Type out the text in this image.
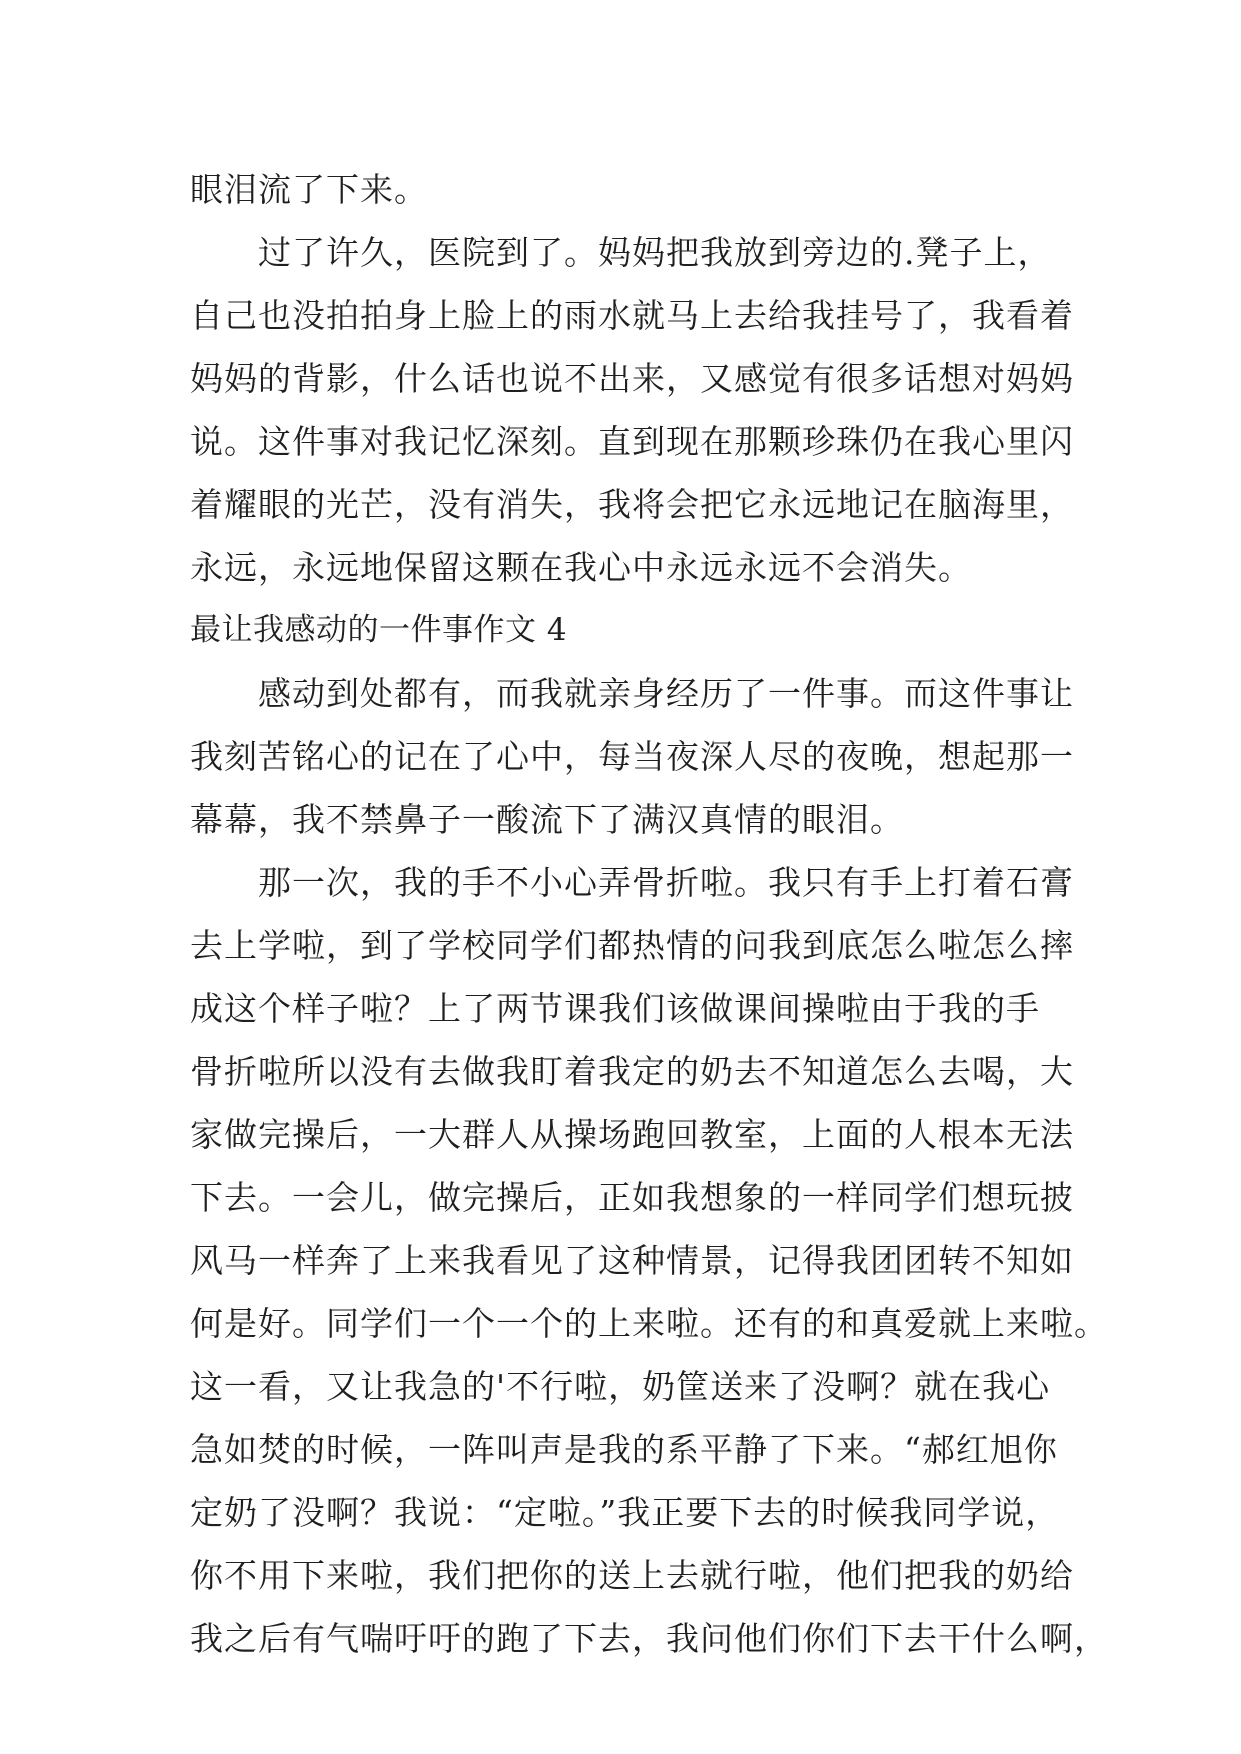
眼泪流了下来。
过了许久，医院到了。妈妈把我放到旁边的.凳子上，
自己也没拍拍身上脸上的雨水就马上去给我挂号了，我看着
妈妈的背影，什么话也说不出来，又感觉有很多话想对妈妈
说。这件事对我记忆深刻。直到现在那颗珍珠仍在我心里闪
着耀眼的光芒，没有消失，我将会把它永远地记在脑海里，
永远，永远地保留这颗在我心中永远永远不会消失。
最让我感动的一件事作文 4
感动到处都有，而我就亲身经历了一件事。而这件事让
我刻苦铭心的记在了心中，每当夜深人尽的夜晚，想起那一
幕幕，我不禁鼻子一酸流下了满汉真情的眼泪。
那一次，我的手不小心弄骨折啦。我只有手上打着石膏
去上学啦，到了学校同学们都热情的问我到底怎么啦怎么摔
成这个样子啦？上了两节课我们该做课间操啦由于我的手
骨折啦所以没有去做我盯着我定的奶去不知道怎么去喝，大
家做完操后，一大群人从操场跑回教室，上面的人根本无法
下去。一会儿，做完操后，正如我想象的一样同学们想玩披
风马一样奔了上来我看见了这种情景，记得我团团转不知如
何是好。同学们一个一个的上来啦。还有的和真爱就上来啦。
这一看，又让我急的'不行啦，奶筐送来了没啊？就在我心
急如焚的时候，一阵叫声是我的系平静了下来。“郝红旭你
定奶了没啊？我说：“定啦。”我正要下去的时候我同学说，
你不用下来啦，我们把你的送上去就行啦，他们把我的奶给
我之后有气喘吁吁的跑了下去，我问他们你们下去干什么啊，
